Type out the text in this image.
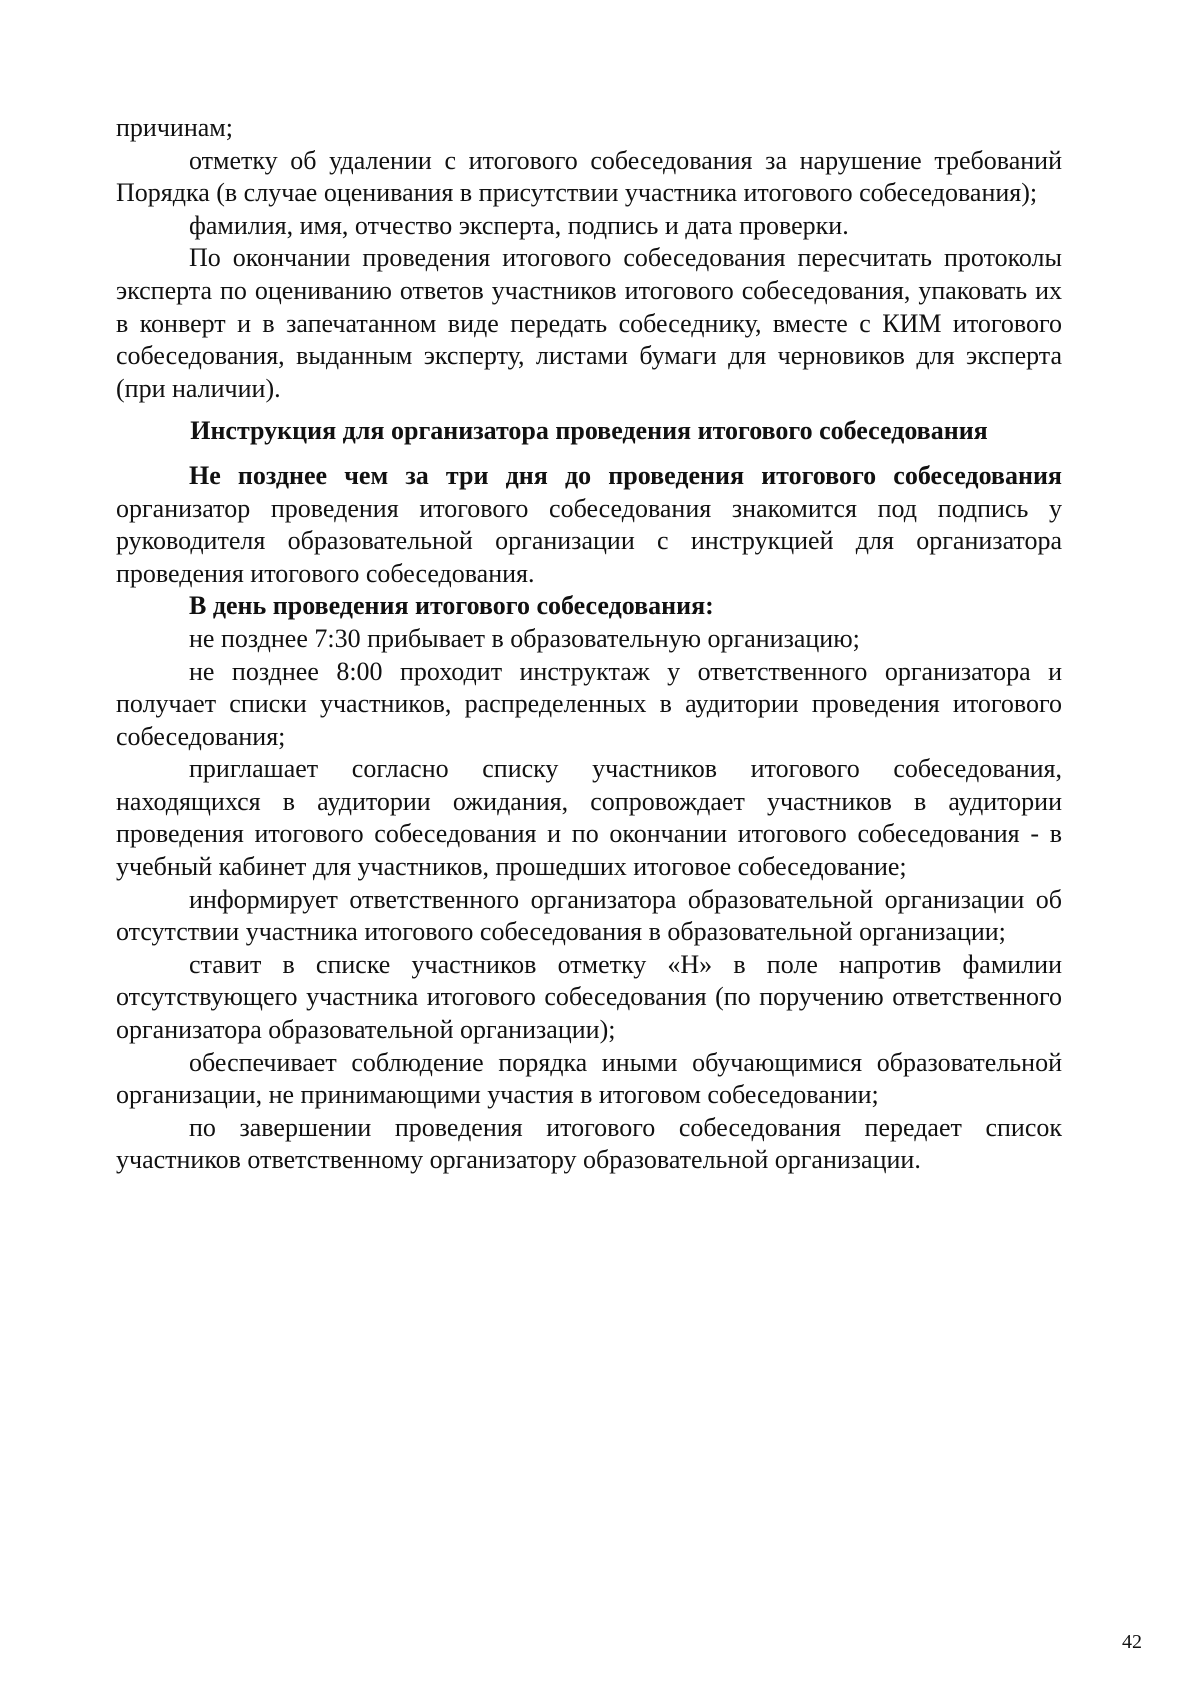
причинам;

отметку об удалении с итогового собеседования за нарушение требований Порядка (в случае оценивания в присутствии участника итогового собеседования);

фамилия, имя, отчество эксперта, подпись и дата проверки.

По окончании проведения итогового собеседования пересчитать протоколы эксперта по оцениванию ответов участников итогового собеседования, упаковать их в конверт и в запечатанном виде передать собеседнику, вместе с КИМ итогового собеседования, выданным эксперту, листами бумаги для черновиков для эксперта (при наличии).

Инструкция для организатора проведения итогового собеседования

Не позднее чем за три дня до проведения итогового собеседования организатор проведения итогового собеседования знакомится под подпись у руководителя образовательной организации с инструкцией для организатора проведения итогового собеседования.

В день проведения итогового собеседования:

не позднее 7:30 прибывает в образовательную организацию;

не позднее 8:00 проходит инструктаж у ответственного организатора и получает списки участников, распределенных в аудитории проведения итогового собеседования;

приглашает согласно списку участников итогового собеседования, находящихся в аудитории ожидания, сопровождает участников в аудитории проведения итогового собеседования и по окончании итогового собеседования - в учебный кабинет для участников, прошедших итоговое собеседование;

информирует ответственного организатора образовательной организации об отсутствии участника итогового собеседования в образовательной организации;

ставит в списке участников отметку «Н» в поле напротив фамилии отсутствующего участника итогового собеседования (по поручению ответственного организатора образовательной организации);

обеспечивает соблюдение порядка иными обучающимися образовательной организации, не принимающими участия в итоговом собеседовании;

по завершении проведения итогового собеседования передает список участников ответственному организатору образовательной организации.

42
